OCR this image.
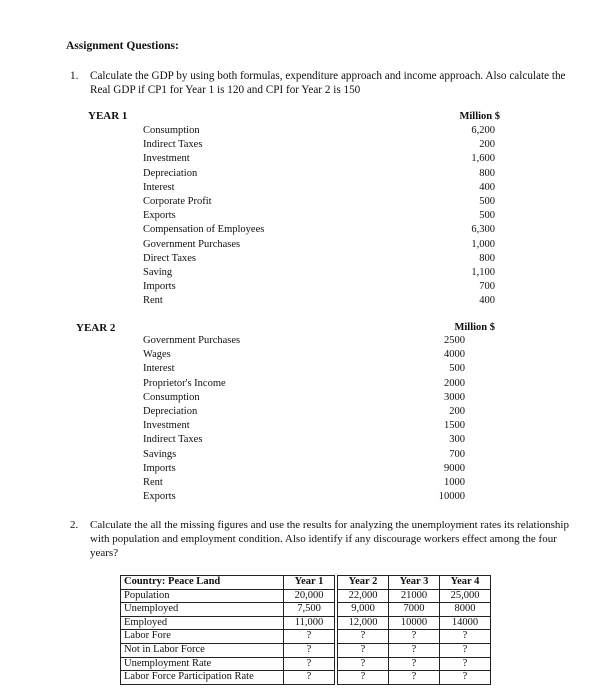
Assignment Questions:
1. Calculate the GDP by using both formulas, expenditure approach and income approach. Also calculate the Real GDP if CP1 for Year 1 is 120 and CPI for Year 2 is 150
YEAR 1	Million $
Consumption	6,200
Indirect Taxes	200
Investment	1,600
Depreciation	800
Interest	400
Corporate Profit	500
Exports	500
Compensation of Employees	6,300
Government Purchases	1,000
Direct Taxes	800
Saving	1,100
Imports	700
Rent	400
YEAR 2	Million $
Government Purchases	2500
Wages	4000
Interest	500
Proprietor's Income	2000
Consumption	3000
Depreciation	200
Investment	1500
Indirect Taxes	300
Savings	700
Imports	9000
Rent	1000
Exports	10000
2. Calculate the all the missing figures and use the results for analyzing the unemployment rates its relationship with population and employment condition. Also identify if any discourage workers effect among the four years?
Country: Peace Land	Year 1		Year 2	Year 3	Year 4
Population	20,000		22,000	21000	25,000
Unemployed	7,500		9,000	7000	8000
Employed	11,000		12,000	10000	14000
Labor Fore	?		?	?	?
Not in Labor Force	?		?	?	?
Unemployment Rate	?		?	?	?
Labor Force Participation Rate	?		?	?	?
